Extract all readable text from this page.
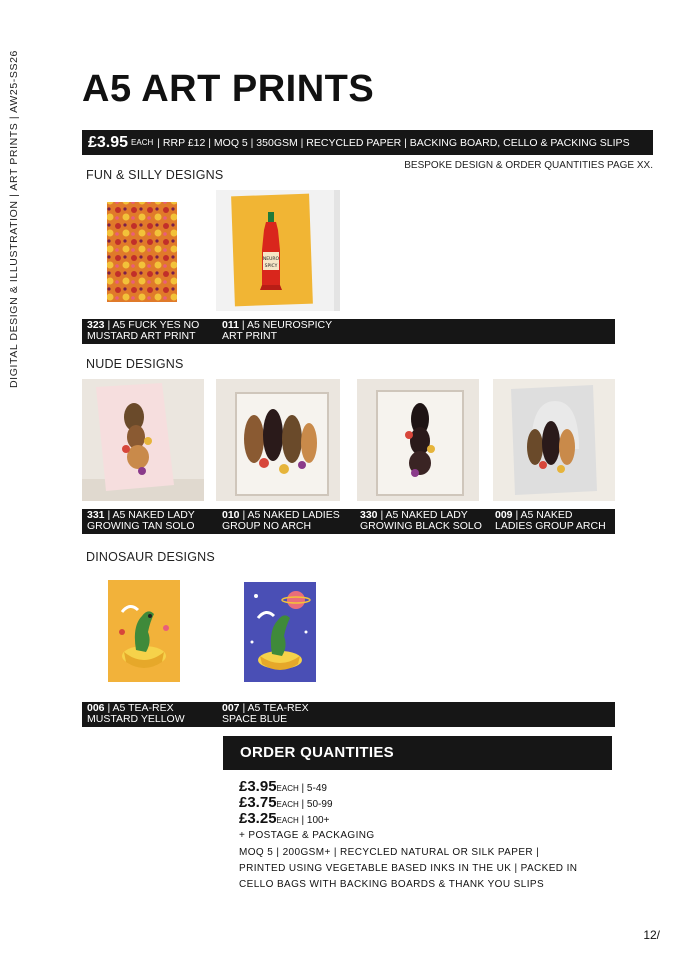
DIGITAL DESIGN & ILLUSTRATION | ART PRINTS | AW25-SS26 A5 ART PRINTS
£3.95 EACH | RRP £12 | MOQ 5 | 350GSM | RECYCLED PAPER | BACKING BOARD, CELLO & PACKING SLIPS
BESPOKE DESIGN & ORDER QUANTITIES PAGE XX.
FUN & SILLY DESIGNS
NEURO
SPICY
323 | A5 FUCK YES NO
MUSTARD ART PRINT
011 | A5 NEUROSPICY
ART PRINT
NUDE DESIGNS
331 | A5 NAKED LADY
GROWING TAN SOLO
010 | A5 NAKED LADIES
GROUP NO ARCH
330 | A5 NAKED LADY
GROWING BLACK SOLO
009 | A5 NAKED
LADIES GROUP ARCH
DINOSAUR DESIGNS
006 | A5 TEA-REX
MUSTARD YELLOW
007 | A5 TEA-REX
SPACE BLUE
ORDER QUANTITIES
£3.95EACH | 5-49
£3.75EACH | 50-99
£3.25EACH | 100+
+ POSTAGE & PACKAGING
MOQ 5 | 200GSM+ | RECYCLED NATURAL OR SILK PAPER |
PRINTED USING VEGETABLE BASED INKS IN THE UK | PACKED IN
CELLO BAGS WITH BACKING BOARDS & THANK YOU SLIPS
12/
